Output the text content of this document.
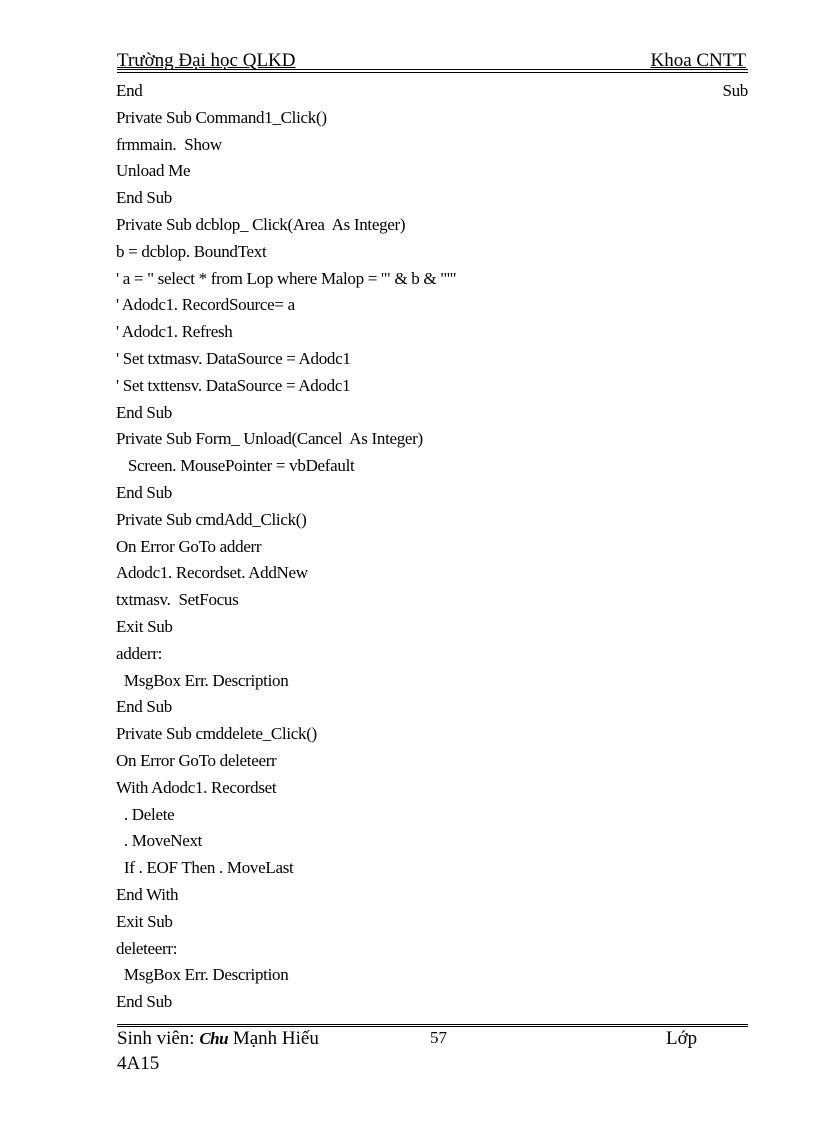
Trường Đại học QLKD	Khoa CNTT
End	Sub
Private Sub Command1_Click()
frmmain.  Show
Unload Me
End Sub
Private Sub dcblop_ Click(Area  As Integer)
b = dcblop. BoundText
' a = " select * from Lop where Malop = '" & b & "'"
' Adodc1. RecordSource= a
' Adodc1. Refresh
' Set txtmasv. DataSource = Adodc1
' Set txttensv. DataSource = Adodc1
End Sub
Private Sub Form_ Unload(Cancel  As Integer)
Screen. MousePointer = vbDefault
End Sub
Private Sub cmdAdd_Click()
On Error GoTo adderr
Adodc1. Recordset. AddNew
txtmasv.  SetFocus
Exit Sub
adderr:
MsgBox Err. Description
End Sub
Private Sub cmddelete_Click()
On Error GoTo deleteerr
With Adodc1. Recordset
. Delete
. MoveNext
If . EOF Then . MoveLast
End With
Exit Sub
deleteerr:
MsgBox Err. Description
End Sub
Sinh viên: Chu Mạnh Hiếu	57	Lớp
4A15
